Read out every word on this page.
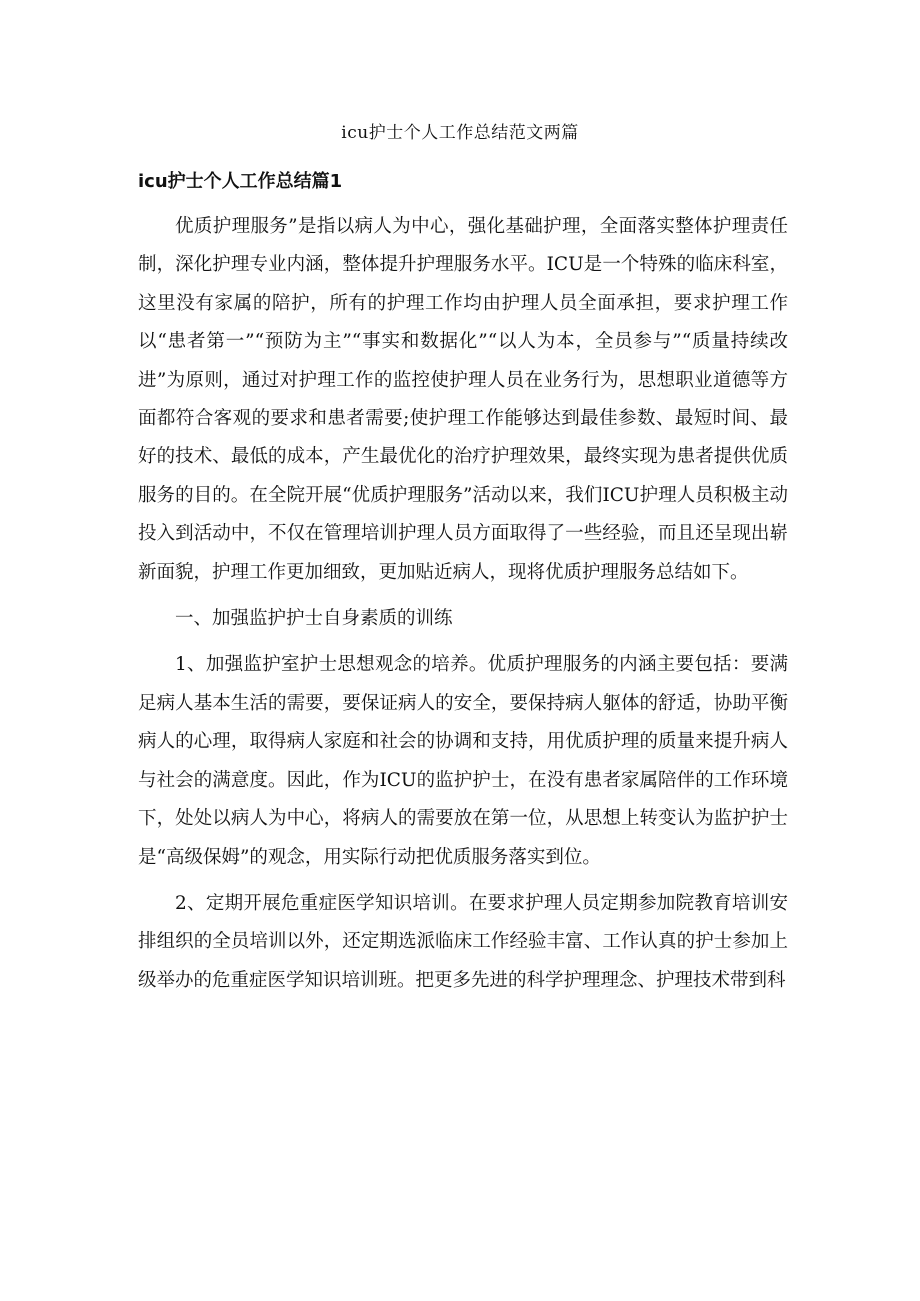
icu护士个人工作总结范文两篇
icu护士个人工作总结篇1

优质护理服务”是指以病人为中心，强化基础护理，全面落实整体护理责任制，深化护理专业内涵，整体提升护理服务水平。ICU是一个特殊的临床科室，这里没有家属的陪护，所有的护理工作均由护理人员全面承担，要求护理工作以“患者第一”“预防为主”“事实和数据化”“以人为本，全员参与”“质量持续改进”为原则，通过对护理工作的监控使护理人员在业务行为，思想职业道德等方面都符合客观的要求和患者需要;使护理工作能够达到最佳参数、最短时间、最好的技术、最低的成本，产生最优化的治疗护理效果，最终实现为患者提供优质服务的目的。在全院开展“优质护理服务”活动以来，我们ICU护理人员积极主动投入到活动中，不仅在管理培训护理人员方面取得了一些经验，而且还呈现出崭新面貌，护理工作更加细致，更加贴近病人，现将优质护理服务总结如下。

一、加强监护护士自身素质的训练

1、加强监护室护士思想观念的培养。优质护理服务的内涵主要包括：要满足病人基本生活的需要，要保证病人的安全，要保持病人躯体的舒适，协助平衡病人的心理，取得病人家庭和社会的协调和支持，用优质护理的质量来提升病人与社会的满意度。因此，作为ICU的监护护士，在没有患者家属陪伴的工作环境下，处处以病人为中心，将病人的需要放在第一位，从思想上转变认为监护护士是“高级保姆”的观念，用实际行动把优质服务落实到位。

2、定期开展危重症医学知识培训。在要求护理人员定期参加院教育培训安排组织的全员培训以外，还定期选派临床工作经验丰富、工作认真的护士参加上级举办的危重症医学知识培训班。把更多先进的科学护理理念、护理技术带到科
